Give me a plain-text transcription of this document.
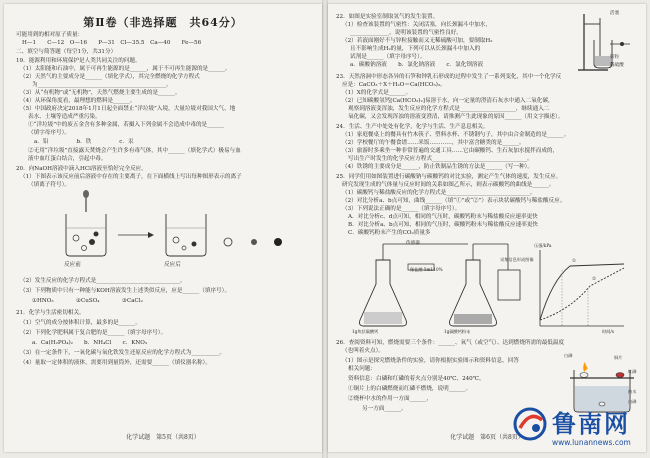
第Ⅱ卷（非选择题　共64分）
可能用到的相对原子质量：
H—1　　C—12　O—16　　P—31　Cl—35.5　Ca—40　　Fe—56
二、填空与简答题（每空1分，共31分）
19．能源利用和环境保护是人类共同关注的问题。
（1）太阳能和石油中，属于可再生能源的是______，属于不可再生能源的是______。
（2）天然气的主要成分是______（填化学式），其完全燃烧的化学方程式
为______________________________________________。
（3）从“有机物”或“无机物”，天然气燃烧主要生成的是______。
（4）从环保角度看，最理想的燃料是______。
（5）中国政府决定2018年1月1日起全面禁止“洋垃圾”入境，大量垃圾对我国大气、地
表水、土壤等造成严重污染。
①“洋垃圾”中的废五金含有多种金属，若摄入下列金属不会造成中毒的是______
（填字母序号）。
a．铅　　　　　b．铁　　　　　c．汞
②无用“洋垃圾”直接露天焚烧会产生许多有毒气体，其中______（填化学式）极易与血
液中血红蛋白结合，引起中毒。
20．向NaOH溶液中滴入HCl溶液至恰好完全反应。
（1）下图表示该反应前后溶液中存在的主要离子，在下面横线上写出每种图形表示的离子
（填离子符号）。
反应前	反应后
（2）发生反应的化学方程式是______________________________。
（3）下列物质中只有一种能与KOH溶液发生上述类似反应，应是______（填序号）。
①HNO₃　　　　②CuSO₄　　　　③CaCl₂
21．化学与生活密切相关。
（1）空气的成分按体积计算，最多的是______。
（2）下列化学肥料属于复合肥的是______（填字母序号）。
a．Ca(H₂PO₄)₂　　b．NH₄Cl　　c．KNO₃
（3）在一定条件下，一氧化碳与氧化铁发生还原反应的化学方程式为__________。
（4）量取一定体积的液体，需要用到量筒外，还需要______（填仪器名称）。
化学试题　第5页（共8页）
22．如图是实验室制取氢气的发生装置。
（1）检查该装置的气密性：关闭活塞，向长颈漏斗中加水，
______________，说明该装置的气密性良好。
（2）若液面刚好不与锌粒接触而又无稀硫酸可加，要制取H₂
且不影响生成H₂的量，下列可以从长颈漏斗中加入的
试剂是______（填字母序号）。
a．碳酸钠溶液　　b．氯化钠溶液　　c．氯化钡溶液
活塞
锌粒
稀硫酸
23．天然溶洞中形态各异的石笋和钟乳石形成的过程中发生了一系列变化，其中一个化学反
应是：CaCO₃＋X＋H₂O＝Ca(HCO₃)₂。
（1）X的化学式是______。
（2）已知碳酸氢钙[Ca(HCO₃)₂]易溶于水，向一定量的澄清石灰水中通入二氧化碳，
观察到溶液变浑浊，发生反应的化学方程式是____________________，继续通入二
氧化碳，又会发现浑浊的溶液变澄清，请推测产生此现象的原因______（用文字描述）。
24．生活、生产中处处有化学，化学与生活、生产息息相关。
（1）家庭餐桌上的餐具有竹木筷子、塑料水杯、不锈钢勺子，其中由合金制造的是______。
（2）学校餐厅的午餐食谱……米饭…………，其中富含糖类的是______。
（3）旅游时多乘坐一种非常普遍的交通工具……它由碳酸钙、生石灰加水搅拌而成的，
写出生产时发生的化学反应方程式__________________________________。
（4）铁锈的主要成分是______，防止铁制品生锈的方法是______（写一种）。
25．同学们用如图装置进行碳酸钠与碳酸钙的对比实验，测定产生气体的速度，发生反应。
研究发现生成的气体量与反应时间的关系如图乙所示，则表示碳酸钙的曲线是______。
（1）碳酸钙与稀盐酸反应的化学方程式是______________________________。
（2）对比分析a、b点可知，曲线______（填“①”或“②”）表示块状碳酸钙与稀盐酸反应。
（3）下列说法正确的是______（填字母序号）。
A．对比分析c、d点可知，相同的气压时，碳酸钙粉末与稀盐酸反应速率更快
B．对比分析a、b点可知，相同的气压时，碳酸钙粉末与稀盐酸反应速率更快
C．碳酸钙粉末产生的CO₂质量多
传感器
1g块状碳酸钙
稀盐酸 5mL10%
1g碳酸钙粉末
采集信息形成图像
压强/kPa
时间/s
①
②
26．查阅资料可知，燃烧需要三个条件：______、氧气（或空气）、达到燃烧所需的最低温度
（也叫着火点）。
（1）图示是探究燃烧条件的实验，请你根据实验图示和资料信息，回答
相关问题：
资料信息：白磷和红磷的着火点分别是40℃、240℃。
①铜片上的白磷燃烧而红磷不燃烧，说明______。
②烧杯中水的作用一方面______，
另一方面______。
白磷	铜片
红磷
热水
白磷
化学试题　第6页（共8页）	鲁南网
www.lunannews.com
